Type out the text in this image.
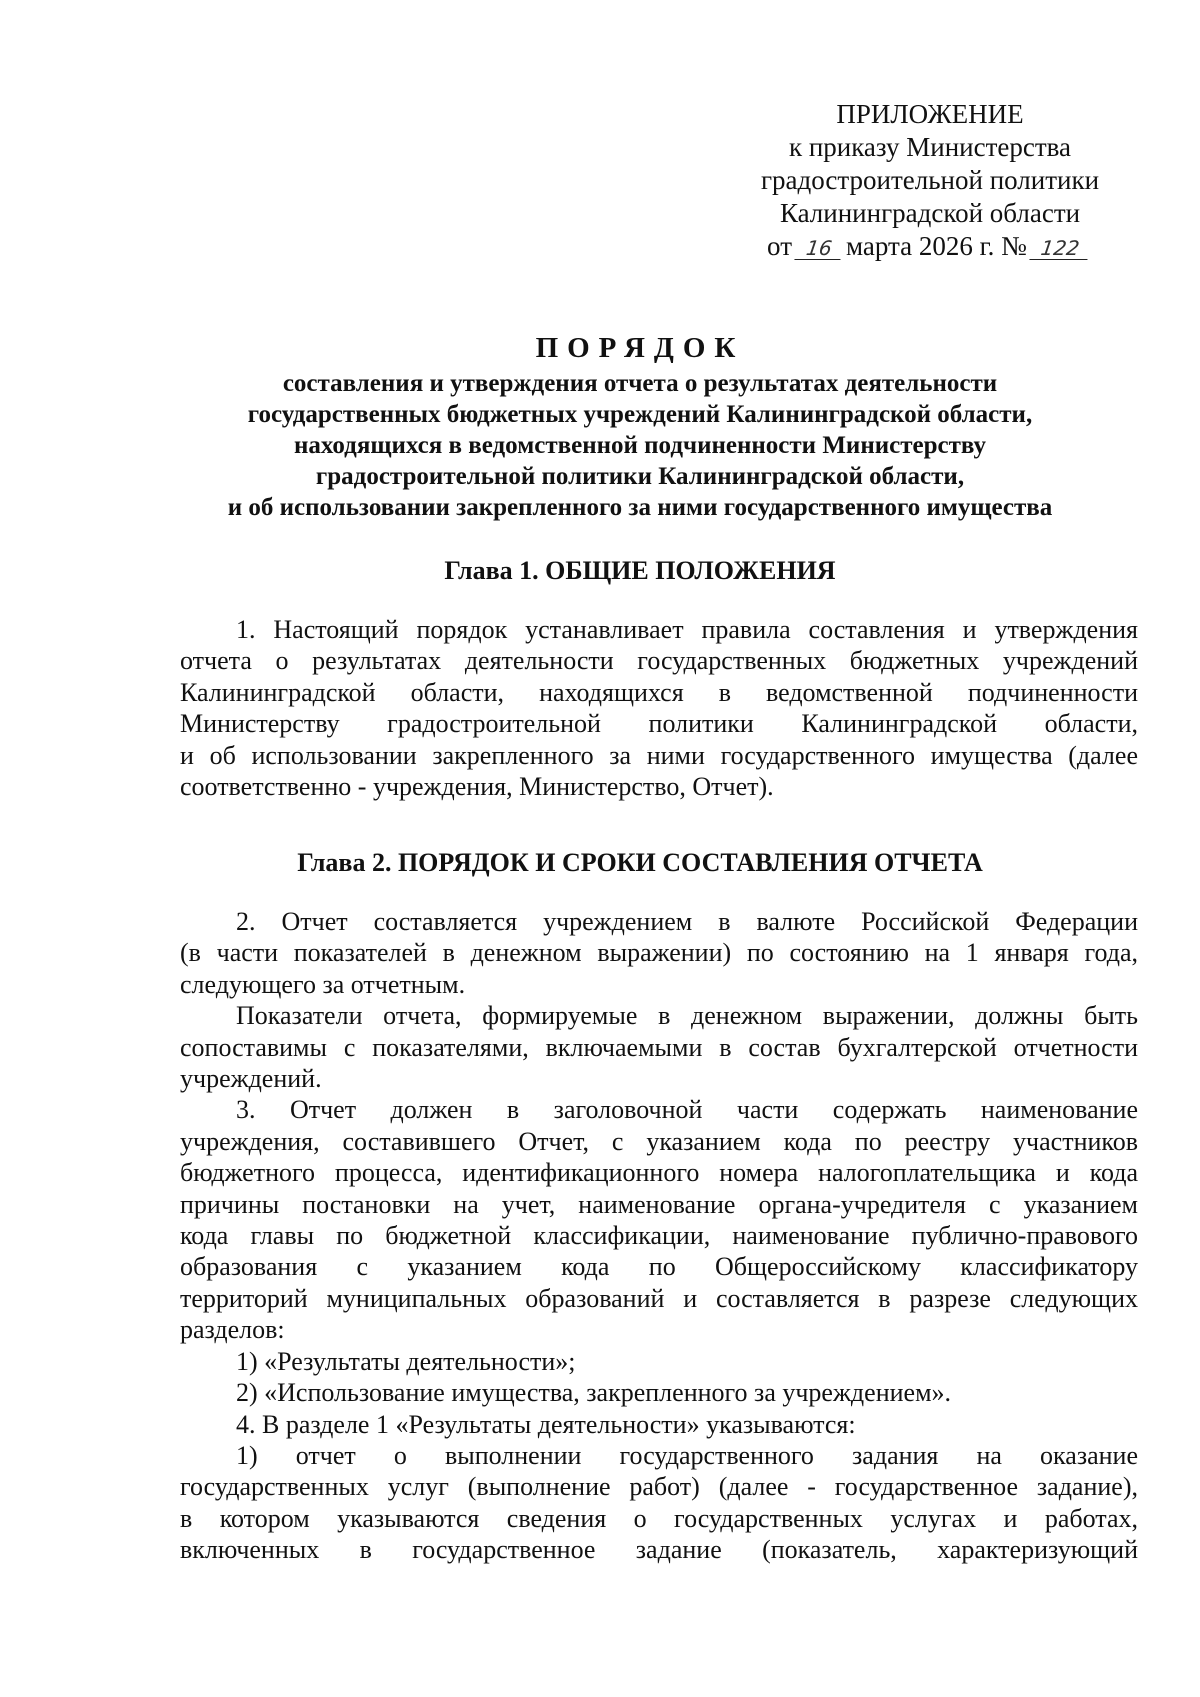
ПРИЛОЖЕНИЕ
к приказу Министерства
градостроительной политики
Калининградской области
от 16 марта 2026 г. № 122
ПОРЯДОК
составления и утверждения отчета о результатах деятельности
государственных бюджетных учреждений Калининградской области,
находящихся в ведомственной подчиненности Министерству
градостроительной политики Калининградской области,
и об использовании закрепленного за ними государственного имущества
Глава 1. ОБЩИЕ ПОЛОЖЕНИЯ
1. Настоящий порядок устанавливает правила составления и утверждения
отчета о результатах деятельности государственных бюджетных учреждений
Калининградской области, находящихся в ведомственной подчиненности
Министерству градостроительной политики Калининградской области,
и об использовании закрепленного за ними государственного имущества (далее
соответственно - учреждения, Министерство, Отчет).
Глава 2. ПОРЯДОК И СРОКИ СОСТАВЛЕНИЯ ОТЧЕТА
2. Отчет составляется учреждением в валюте Российской Федерации
(в части показателей в денежном выражении) по состоянию на 1 января года,
следующего за отчетным.
Показатели отчета, формируемые в денежном выражении, должны быть
сопоставимы с показателями, включаемыми в состав бухгалтерской отчетности
учреждений.
3. Отчет должен в заголовочной части содержать наименование
учреждения, составившего Отчет, с указанием кода по реестру участников
бюджетного процесса, идентификационного номера налогоплательщика и кода
причины постановки на учет, наименование органа-учредителя с указанием
кода главы по бюджетной классификации, наименование публично-правового
образования с указанием кода по Общероссийскому классификатору
территорий муниципальных образований и составляется в разрезе следующих
разделов:
1) «Результаты деятельности»;
2) «Использование имущества, закрепленного за учреждением».
4. В разделе 1 «Результаты деятельности» указываются:
1) отчет о выполнении государственного задания на оказание
государственных услуг (выполнение работ) (далее - государственное задание),
в котором указываются сведения о государственных услугах и работах,
включенных в государственное задание (показатель, характеризующий
